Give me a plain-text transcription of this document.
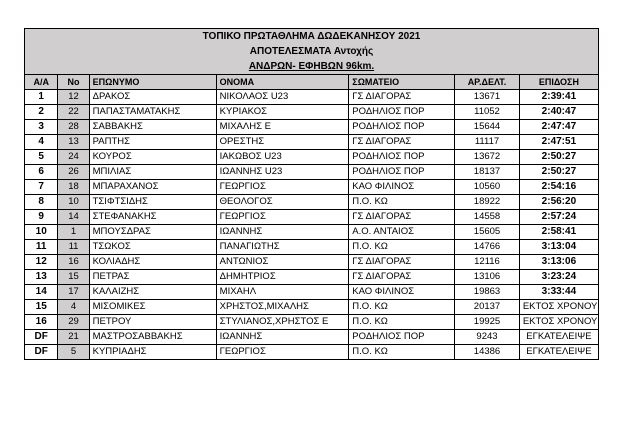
ΤΟΠΙΚΟ ΠΡΩΤΑΘΛΗΜΑ ΔΩΔΕΚΑΝΗΣΟΥ 2021						
ΑΠΟΤΕΛΕΣΜΑΤΑ Αντοχής						
ΑΝΔΡΩΝ- ΕΦΗΒΩΝ 96km.						
Α/Α	No	ΕΠΩΝΥΜΟ	ΟΝΟΜΑ	ΣΩΜΑΤΕΙΟ	ΑΡ.ΔΕΛΤ.	ΕΠΙΔΟΣΗ
1	12	ΔΡΑΚΟΣ	ΝΙΚΟΛΑΟΣ U23	ΓΣ ΔΙΑΓΟΡΑΣ	13671	2:39:41
2	22	ΠΑΠΑΣΤΑΜΑΤΑΚΗΣ	ΚΥΡΙΑΚΟΣ	ΡΟΔΗΛΙΟΣ ΠΟΡ	11052	2:40:47
3	28	ΣΑΒΒΑΚΗΣ	ΜΙΧΑΛΗΣ Ε	ΡΟΔΗΛΙΟΣ ΠΟΡ	15644	2:47:47
4	13	ΡΑΠΤΗΣ	ΟΡΕΣΤΗΣ	ΓΣ ΔΙΑΓΟΡΑΣ	11117	2:47:51
5	24	ΚΟΥΡΟΣ	ΙΑΚΩΒΟΣ U23	ΡΟΔΗΛΙΟΣ ΠΟΡ	13672	2:50:27
6	26	ΜΠΙΛΙΑΣ	ΙΩΑΝΝΗΣ U23	ΡΟΔΗΛΙΟΣ ΠΟΡ	18137	2:50:27
7	18	ΜΠΑΡΑΧΑΝΟΣ	ΓΕΩΡΓΙΟΣ	ΚΑΟ ΦΙΛΙΝΟΣ	10560	2:54:16
8	10	ΤΣΙΦΤΣΙΔΗΣ	ΘΕΟΛΟΓΟΣ	Π.Ο. ΚΩ	18922	2:56:20
9	14	ΣΤΕΦΑΝΑΚΗΣ	ΓΕΩΡΓΙΟΣ	ΓΣ ΔΙΑΓΟΡΑΣ	14558	2:57:24
10	1	ΜΠΟΥΣΔΡΑΣ	ΙΩΑΝΝΗΣ	Α.Ο. ΑΝΤΑΙΟΣ	15605	2:58:41
11	11	ΤΣΩΚΟΣ	ΠΑΝΑΓΙΩΤΗΣ	Π.Ο. ΚΩ	14766	3:13:04
12	16	ΚΟΛΙΑΔΗΣ	ΑΝΤΩΝΙΟΣ	ΓΣ ΔΙΑΓΟΡΑΣ	12116	3:13:06
13	15	ΠΕΤΡΑΣ	ΔΗΜΗΤΡΙΟΣ	ΓΣ ΔΙΑΓΟΡΑΣ	13106	3:23:24
14	17	ΚΑΛΑΙΖΗΣ	ΜΙΧΑΗΛ	ΚΑΟ ΦΙΛΙΝΟΣ	19863	3:33:44
15	4	ΜΙΣΟΜΙΚΕΣ	ΧΡΗΣΤΟΣ,ΜΙΧΑΛΗΣ	Π.Ο. ΚΩ	20137	ΕΚΤΟΣ ΧΡΟΝΟΥ
16	29	ΠΕΤΡΟΥ	ΣΤΥΛΙΑΝΟΣ,ΧΡΗΣΤΟΣ Ε	Π.Ο. ΚΩ	19925	ΕΚΤΟΣ ΧΡΟΝΟΥ
DF	21	ΜΑΣΤΡΟΣΑΒΒΑΚΗΣ	ΙΩΑΝΝΗΣ	ΡΟΔΗΛΙΟΣ ΠΟΡ	9243	ΕΓΚΑΤΕΛΕΙΨΕ
DF	5	ΚΥΠΡΙΑΔΗΣ	ΓΕΩΡΓΙΟΣ	Π.Ο. ΚΩ	14386	ΕΓΚΑΤΕΛΕΙΨΕ
